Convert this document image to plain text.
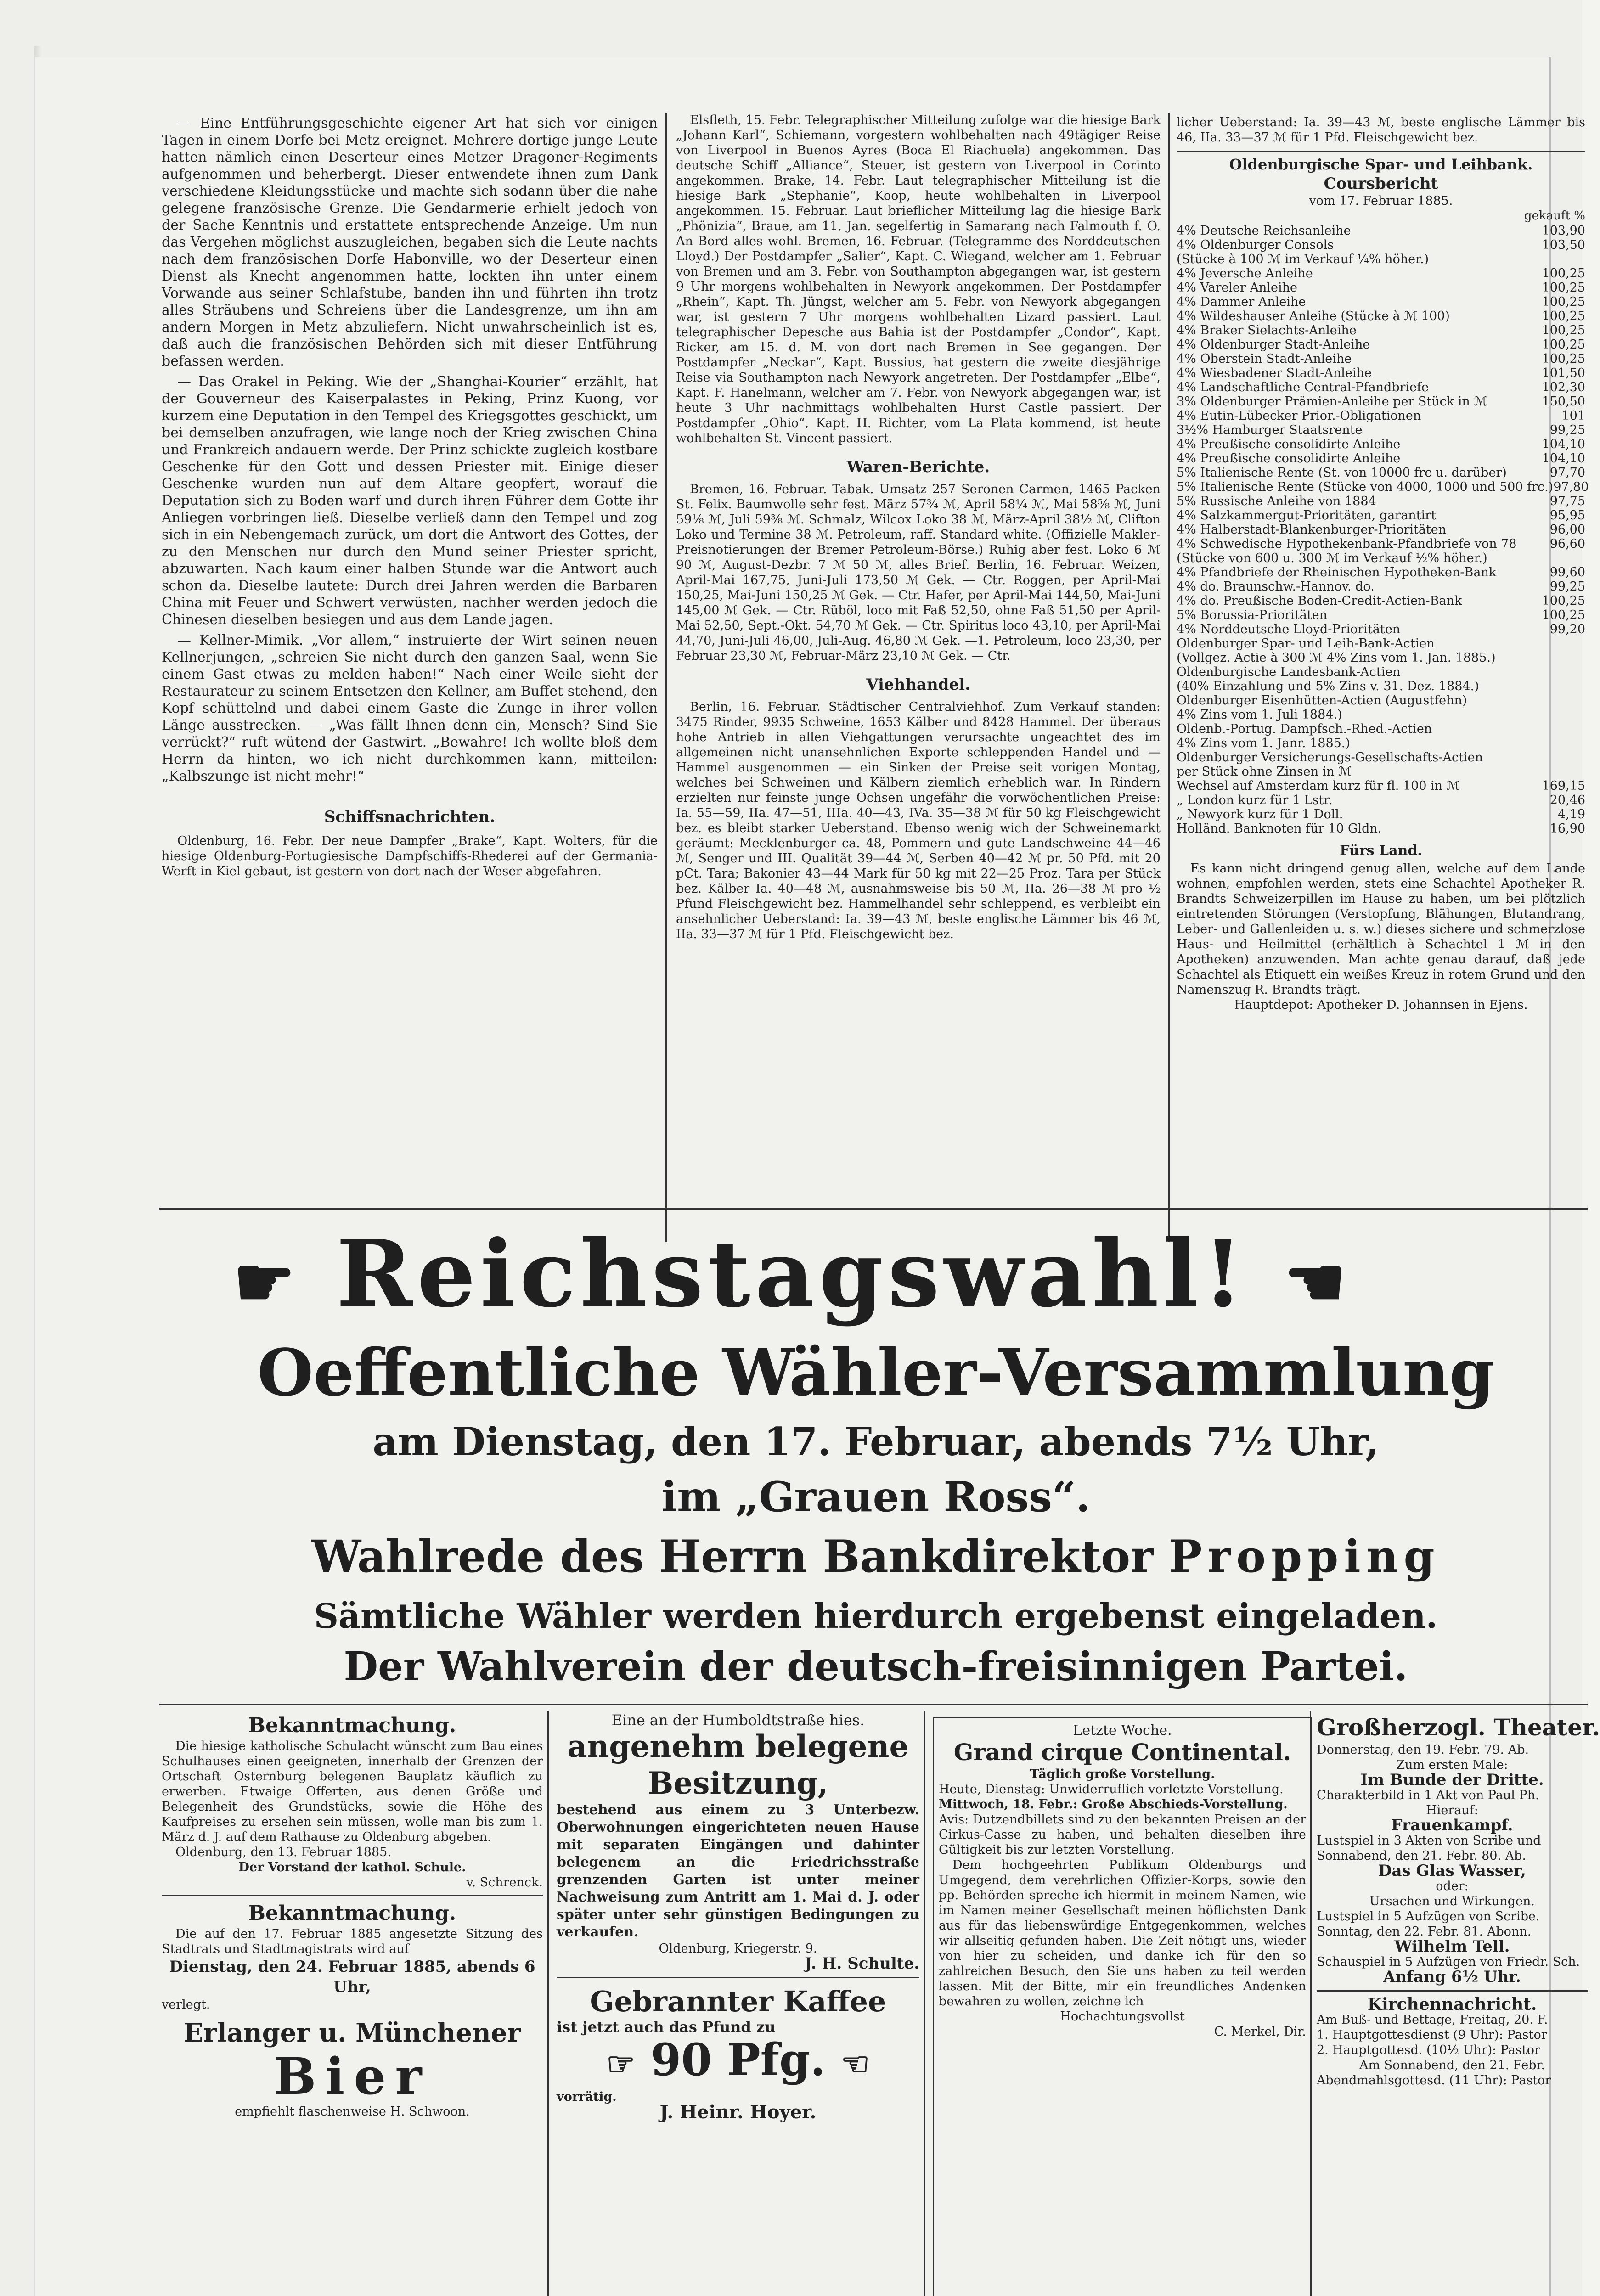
— Eine Entführungsgeschichte eigener Art hat sich vor einigen Tagen in einem Dorfe bei Metz ereignet. Mehrere dortige junge Leute hatten nämlich einen Deserteur eines Metzer Dragoner-Regiments aufgenommen und beherbergt. Dieser entwendete ihnen zum Dank verschiedene Kleidungsstücke und machte sich sodann über die nahe gelegene französische Grenze. Die Gendarmerie erhielt jedoch von der Sache Kenntnis und erstattete entsprechende Anzeige. Um nun das Vergehen möglichst auszugleichen, begaben sich die Leute nachts nach dem französischen Dorfe Habonville, wo der Deserteur einen Dienst als Knecht angenommen hatte, lockten ihn unter einem Vorwande aus seiner Schlafstube, banden ihn und führten ihn trotz alles Sträubens und Schreiens über die Landesgrenze, um ihn am andern Morgen in Metz abzuliefern. Nicht unwahrscheinlich ist es, daß auch die französischen Behörden sich mit dieser Entführung befassen werden.

— Das Orakel in Peking. Wie der „Shanghai-Kourier“ erzählt, hat der Gouverneur des Kaiserpalastes in Peking, Prinz Kuong, vor kurzem eine Deputation in den Tempel des Kriegsgottes geschickt, um bei demselben anzufragen, wie lange noch der Krieg zwischen China und Frankreich andauern werde. Der Prinz schickte zugleich kostbare Geschenke für den Gott und dessen Priester mit. Einige dieser Geschenke wurden nun auf dem Altare geopfert, worauf die Deputation sich zu Boden warf und durch ihren Führer dem Gotte ihr Anliegen vorbringen ließ. Dieselbe verließ dann den Tempel und zog sich in ein Nebengemach zurück, um dort die Antwort des Gottes, der zu den Menschen nur durch den Mund seiner Priester spricht, abzuwarten. Nach kaum einer halben Stunde war die Antwort auch schon da. Dieselbe lautete: Durch drei Jahren werden die Barbaren China mit Feuer und Schwert verwüsten, nachher werden jedoch die Chinesen dieselben besiegen und aus dem Lande jagen.

— Kellner-Mimik. „Vor allem,“ instruierte der Wirt seinen neuen Kellnerjungen, „schreien Sie nicht durch den ganzen Saal, wenn Sie einem Gast etwas zu melden haben!“ Nach einer Weile sieht der Restaurateur zu seinem Entsetzen den Kellner, am Buffet stehend, den Kopf schüttelnd und dabei einem Gaste die Zunge in ihrer vollen Länge ausstrecken. — „Was fällt Ihnen denn ein, Mensch? Sind Sie verrückt?“ ruft wütend der Gastwirt. „Bewahre! Ich wollte bloß dem Herrn da hinten, wo ich nicht durchkommen kann, mitteilen: „Kalbszunge ist nicht mehr!“

Schiffsnachrichten.
Oldenburg, 16. Febr. Der neue Dampfer „Brake“, Kapt. Wolters, für die hiesige Oldenburg-Portugiesische Dampfschiffs-Rhederei auf der Germania-Werft in Kiel gebaut, ist gestern von dort nach der Weser abgefahren.
Elsfleth, 15. Febr. Telegraphischer Mitteilung zufolge war die hiesige Bark „Johann Karl“, Schiemann, vorgestern wohlbehalten nach 49tägiger Reise von Liverpool in Buenos Ayres (Boca El Riachuela) angekommen. Das deutsche Schiff „Alliance“, Steuer, ist gestern von Liverpool in Corinto angekommen. Brake, 14. Febr. Laut telegraphischer Mitteilung ist die hiesige Bark „Stephanie“, Koop, heute wohlbehalten in Liverpool angekommen. 15. Februar. Laut brieflicher Mitteilung lag die hiesige Bark „Phönizia“, Braue, am 11. Jan. segelfertig in Samarang nach Falmouth f. O. An Bord alles wohl. Bremen, 16. Februar. (Telegramme des Norddeutschen Lloyd.) Der Postdampfer „Salier“, Kapt. C. Wiegand, welcher am 1. Februar von Bremen und am 3. Febr. von Southampton abgegangen war, ist gestern 9 Uhr morgens wohlbehalten in Newyork angekommen. Der Postdampfer „Rhein“, Kapt. Th. Jüngst, welcher am 5. Febr. von Newyork abgegangen war, ist gestern 7 Uhr morgens wohlbehalten Lizard passiert. Laut telegraphischer Depesche aus Bahia ist der Postdampfer „Condor“, Kapt. Ricker, am 15. d. M. von dort nach Bremen in See gegangen. Der Postdampfer „Neckar“, Kapt. Bussius, hat gestern die zweite diesjährige Reise via Southampton nach Newyork angetreten. Der Postdampfer „Elbe“, Kapt. F. Hanelmann, welcher am 7. Febr. von Newyork abgegangen war, ist heute 3 Uhr nachmittags wohlbehalten Hurst Castle passiert. Der Postdampfer „Ohio“, Kapt. H. Richter, vom La Plata kommend, ist heute wohlbehalten St. Vincent passiert.
Waren-Berichte.
Bremen, 16. Februar. Tabak. Umsatz 257 Seronen Carmen, 1465 Packen St. Felix. Baumwolle sehr fest. März 57¾ ℳ, April 58¼ ℳ, Mai 58⅝ ℳ, Juni 59⅛ ℳ, Juli 59⅜ ℳ. Schmalz, Wilcox Loko 38 ℳ, März-April 38½ ℳ, Clifton Loko und Termine 38 ℳ. Petroleum, raff. Standard white. (Offizielle Makler-Preisnotierungen der Bremer Petroleum-Börse.) Ruhig aber fest. Loko 6 ℳ 90 ℳ, August-Dezbr. 7 ℳ 50 ℳ, alles Brief. Berlin, 16. Februar. Weizen, April-Mai 167,75, Juni-Juli 173,50 ℳ Gek. — Ctr. Roggen, per April-Mai 150,25, Mai-Juni 150,25 ℳ Gek. — Ctr. Hafer, per April-Mai 144,50, Mai-Juni 145,00 ℳ Gek. — Ctr. Rüböl, loco mit Faß 52,50, ohne Faß 51,50 per April-Mai 52,50, Sept.-Okt. 54,70 ℳ Gek. — Ctr. Spiritus loco 43,10, per April-Mai 44,70, Juni-Juli 46,00, Juli-Aug. 46,80 ℳ Gek. —1. Petroleum, loco 23,30, per Februar 23,30 ℳ, Februar-März 23,10 ℳ Gek. — Ctr.
Viehhandel.
Berlin, 16. Februar. Städtischer Centralviehhof. Zum Verkauf standen: 3475 Rinder, 9935 Schweine, 1653 Kälber und 8428 Hammel. Der überaus hohe Antrieb in allen Viehgattungen verursachte ungeachtet des im allgemeinen nicht unansehnlichen Exporte schleppenden Handel und — Hammel ausgenommen — ein Sinken der Preise seit vorigen Montag, welches bei Schweinen und Kälbern ziemlich erheblich war. In Rindern erzielten nur feinste junge Ochsen ungefähr die vorwöchentlichen Preise: Ia. 55—59, IIa. 47—51, IIIa. 40—43, IVa. 35—38 ℳ für 50 kg Fleischgewicht bez. es bleibt starker Ueberstand. Ebenso wenig wich der Schweinemarkt geräumt: Mecklenburger ca. 48, Pommern und gute Landschweine 44—46 ℳ, Senger und III. Qualität 39—44 ℳ, Serben 40—42 ℳ pr. 50 Pfd. mit 20 pCt. Tara; Bakonier 43—44 Mark für 50 kg mit 22—25 Proz. Tara per Stück bez. Kälber Ia. 40—48 ℳ, ausnahmsweise bis 50 ℳ, IIa. 26—38 ℳ pro ½ Pfund Fleischgewicht bez. Hammelhandel sehr schleppend, es verbleibt ein ansehnlicher Ueberstand: Ia. 39—43 ℳ, beste englische Lämmer bis 46 ℳ, IIa. 33—37 ℳ für 1 Pfd. Fleischgewicht bez.
licher Ueberstand: Ia. 39—43 ℳ, beste englische Lämmer bis 46, IIa. 33—37 ℳ für 1 Pfd. Fleischgewicht bez.
Oldenburgische Spar- und Leihbank.
Coursbericht
vom 17. Februar 1885.
gekauft %
4% Deutsche Reichsanleihe	103,90
4% Oldenburger Consols	103,50
(Stücke à 100 ℳ im Verkauf ¼% höher.)
4% Jeversche Anleihe	100,25
4% Vareler Anleihe	100,25
4% Dammer Anleihe	100,25
4% Wildeshauser Anleihe (Stücke à ℳ 100)	100,25
4% Braker Sielachts-Anleihe	100,25
4% Oldenburger Stadt-Anleihe	100,25
4% Oberstein Stadt-Anleihe	100,25
4% Wiesbadener Stadt-Anleihe	101,50
4% Landschaftliche Central-Pfandbriefe	102,30
3% Oldenburger Prämien-Anleihe per Stück in ℳ	150,50
4% Eutin-Lübecker Prior.-Obligationen	101
3½% Hamburger Staatsrente	99,25
4% Preußische consolidirte Anleihe	104,10
4% Preußische consolidirte Anleihe	104,10
5% Italienische Rente (St. von 10000 frc u. darüber)	97,70
5% Italienische Rente (Stücke von 4000, 1000 und 500 frc.) 97,80
5% Russische Anleihe von 1884	97,75
4% Salzkammergut-Prioritäten, garantirt	95,95
4% Halberstadt-Blankenburger-Prioritäten	96,00
4% Schwedische Hypothekenbank-Pfandbriefe von 78	96,60
(Stücke von 600 u. 300 ℳ im Verkauf ½% höher.)
4% Pfandbriefe der Rheinischen Hypotheken-Bank	99,60
4% do. Braunschw.-Hannov. do.	99,25
4% do. Preußische Boden-Credit-Actien-Bank	100,25
5% Borussia-Prioritäten	100,25
4% Norddeutsche Lloyd-Prioritäten	99,20
Oldenburger Spar- und Leih-Bank-Actien
(Vollgez. Actie à 300 ℳ 4% Zins vom 1. Jan. 1885.)
Oldenburgische Landesbank-Actien
(40% Einzahlung und 5% Zins v. 31. Dez. 1884.)
Oldenburger Eisenhütten-Actien (Augustfehn)
4% Zins vom 1. Juli 1884.)
Oldenb.-Portug. Dampfsch.-Rhed.-Actien
4% Zins vom 1. Janr. 1885.)
Oldenburger Versicherungs-Gesellschafts-Actien
per Stück ohne Zinsen in ℳ
Wechsel auf Amsterdam kurz für fl. 100 in ℳ	169,15
„ London kurz für 1 Lstr.	20,46
„ Newyork kurz für 1 Doll.	4,19
Holländ. Banknoten für 10 Gldn.	16,90
Fürs Land.
Es kann nicht dringend genug allen, welche auf dem Lande wohnen, empfohlen werden, stets eine Schachtel Apotheker R. Brandts Schweizerpillen im Hause zu haben, um bei plötzlich eintretenden Störungen (Verstopfung, Blähungen, Blutandrang, Leber- und Gallenleiden u. s. w.) dieses sichere und schmerzlose Haus- und Heilmittel (erhältlich à Schachtel 1 ℳ in den Apotheken) anzuwenden. Man achte genau darauf, daß jede Schachtel als Etiquett ein weißes Kreuz in rotem Grund und den Namenszug R. Brandts trägt.
Hauptdepot: Apotheker D. Johannsen in Ejens.
☛ Reichstagswahl! ☚
Oeffentliche Wähler-Versammlung
am Dienstag, den 17. Februar, abends 7½ Uhr,
im „Grauen Ross“.
Wahlrede des Herrn Bankdirektor Propping
Sämtliche Wähler werden hierdurch ergebenst eingeladen.
Der Wahlverein der deutsch-freisinnigen Partei.
Bekanntmachung.
Die hiesige katholische Schulacht wünscht zum Bau eines Schulhauses einen geeigneten, innerhalb der Grenzen der Ortschaft Osternburg belegenen Bauplatz käuflich zu erwerben. Etwaige Offerten, aus denen Größe und Belegenheit des Grundstücks, sowie die Höhe des Kaufpreises zu ersehen sein müssen, wolle man bis zum 1. März d. J. auf dem Rathause zu Oldenburg abgeben.
Oldenburg, den 13. Februar 1885.
Der Vorstand der kathol. Schule.
v. Schrenck.
Bekanntmachung.
Die auf den 17. Februar 1885 angesetzte Sitzung des Stadtrats und Stadtmagistrats wird auf
Dienstag, den 24. Februar 1885, abends 6 Uhr,
verlegt.
Erlanger u. Münchener
Bier
empfiehlt flaschenweise H. Schwoon.
Eine an der Humboldtstraße hies.
angenehm belegene
Besitzung,
bestehend aus einem zu 3 Unterbezw. Oberwohnungen eingerichteten neuen Hause mit separaten Eingängen und dahinter belegenem an die Friedrichsstraße grenzenden Garten ist unter meiner Nachweisung zum Antritt am 1. Mai d. J. oder später unter sehr günstigen Bedingungen zu verkaufen.
Oldenburg, Kriegerstr. 9.
J. H. Schulte.
Gebrannter Kaffee
ist jetzt auch das Pfund zu
☞ 90 Pfg. ☜
vorrätig.
J. Heinr. Hoyer.
Letzte Woche.
Grand cirque Continental.
Täglich große Vorstellung.
Heute, Dienstag: Unwiderruflich vorletzte Vorstellung.
Mittwoch, 18. Febr.: Große Abschieds-Vorstellung.
Avis: Dutzendbillets sind zu den bekannten Preisen an der Cirkus-Casse zu haben, und behalten dieselben ihre Gültigkeit bis zur letzten Vorstellung.
Dem hochgeehrten Publikum Oldenburgs und Umgegend, dem verehrlichen Offizier-Korps, sowie den pp. Behörden spreche ich hiermit in meinem Namen, wie im Namen meiner Gesellschaft meinen höflichsten Dank aus für das liebenswürdige Entgegenkommen, welches wir allseitig gefunden haben. Die Zeit nötigt uns, wieder von hier zu scheiden, und danke ich für den so zahlreichen Besuch, den Sie uns haben zu teil werden lassen. Mit der Bitte, mir ein freundliches Andenken bewahren zu wollen, zeichne ich
Hochachtungsvollst
C. Merkel, Dir.
Großherzogl. Theater.
Donnerstag, den 19. Febr. 79. Ab.
Zum ersten Male:
Im Bunde der Dritte.
Charakterbild in 1 Akt von Paul Ph.
Hierauf:
Frauenkampf.
Lustspiel in 3 Akten von Scribe und
Sonnabend, den 21. Febr. 80. Ab.
Das Glas Wasser,
oder:
Ursachen und Wirkungen.
Lustspiel in 5 Aufzügen von Scribe.
Sonntag, den 22. Febr. 81. Abonn.
Wilhelm Tell.
Schauspiel in 5 Aufzügen von Friedr. Sch.
Anfang 6½ Uhr.
Kirchennachricht.
Am Buß- und Bettage, Freitag, 20. F.
1. Hauptgottesdienst (9 Uhr): Pastor
2. Hauptgottesd. (10½ Uhr): Pastor
Am Sonnabend, den 21. Febr.
Abendmahlsgottesd. (11 Uhr): Pastor
